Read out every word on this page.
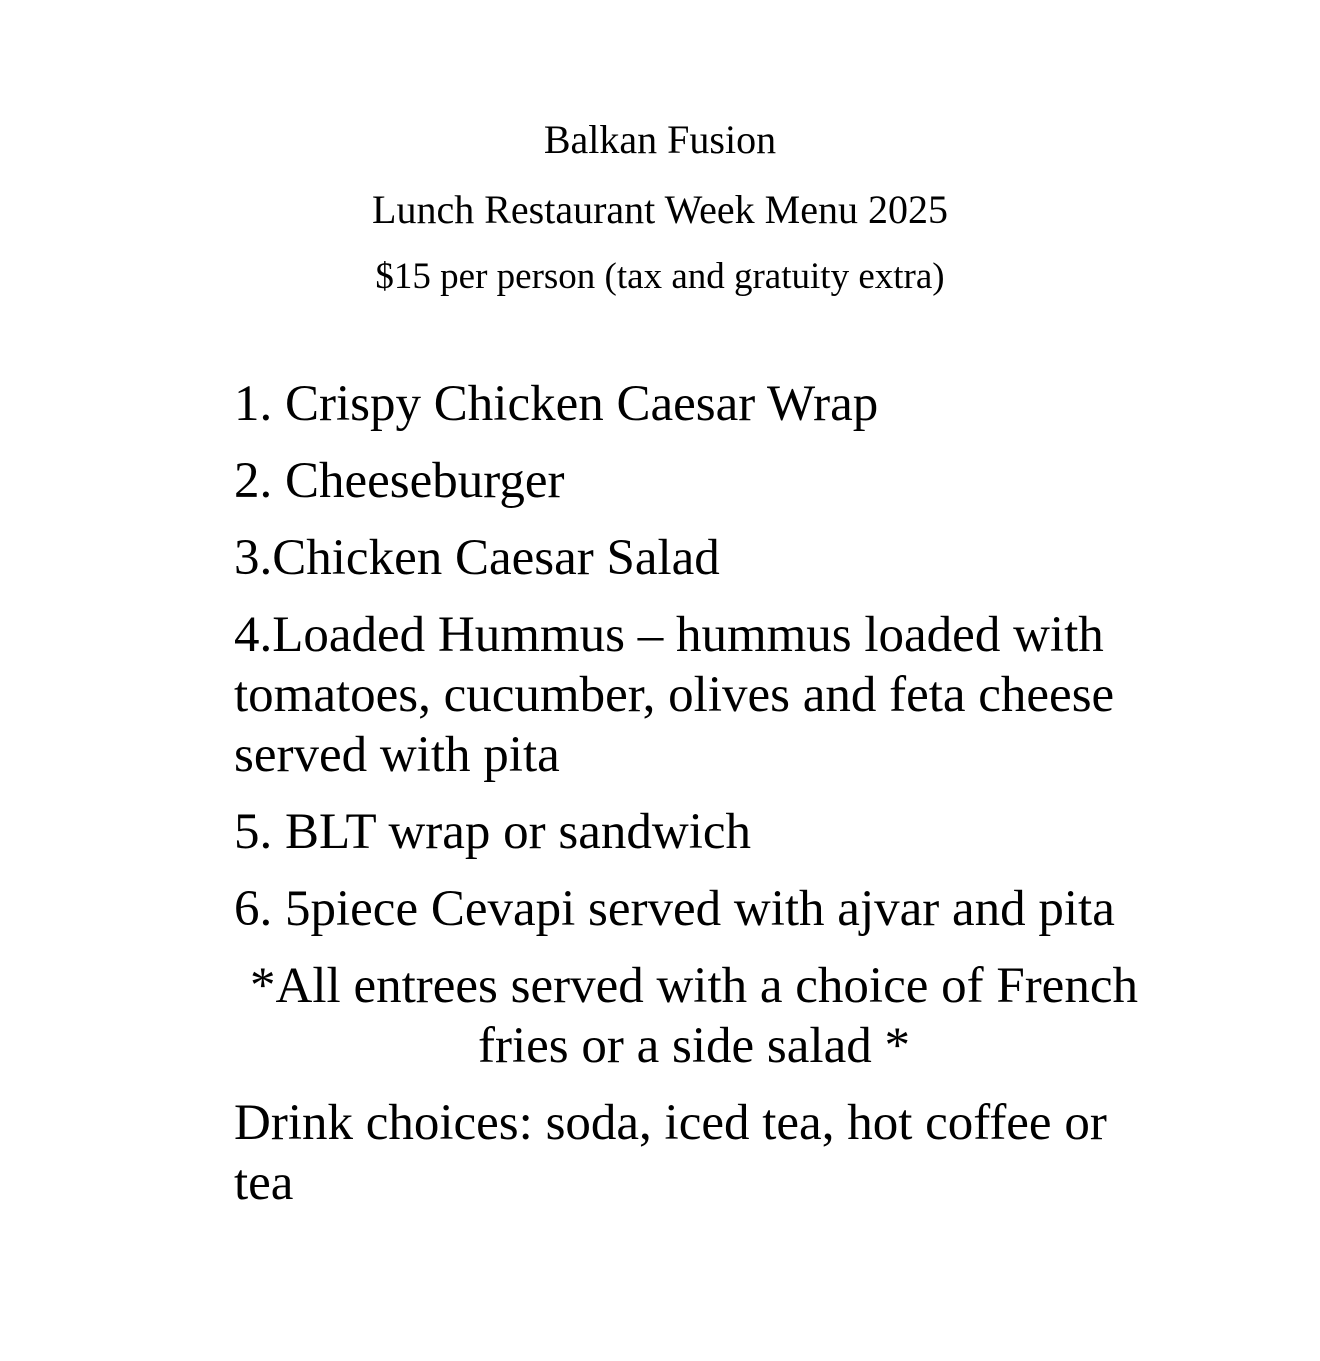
Balkan Fusion
Lunch Restaurant Week Menu 2025
$15 per person (tax and gratuity extra)
1. Crispy Chicken Caesar Wrap
2. Cheeseburger
3.Chicken Caesar Salad
4.Loaded Hummus – hummus loaded with tomatoes, cucumber, olives and feta cheese served with pita
5. BLT wrap or sandwich
6. 5piece Cevapi served with ajvar and pita
*All entrees served with a choice of French fries or a side salad *
Drink choices: soda, iced tea, hot coffee or tea
